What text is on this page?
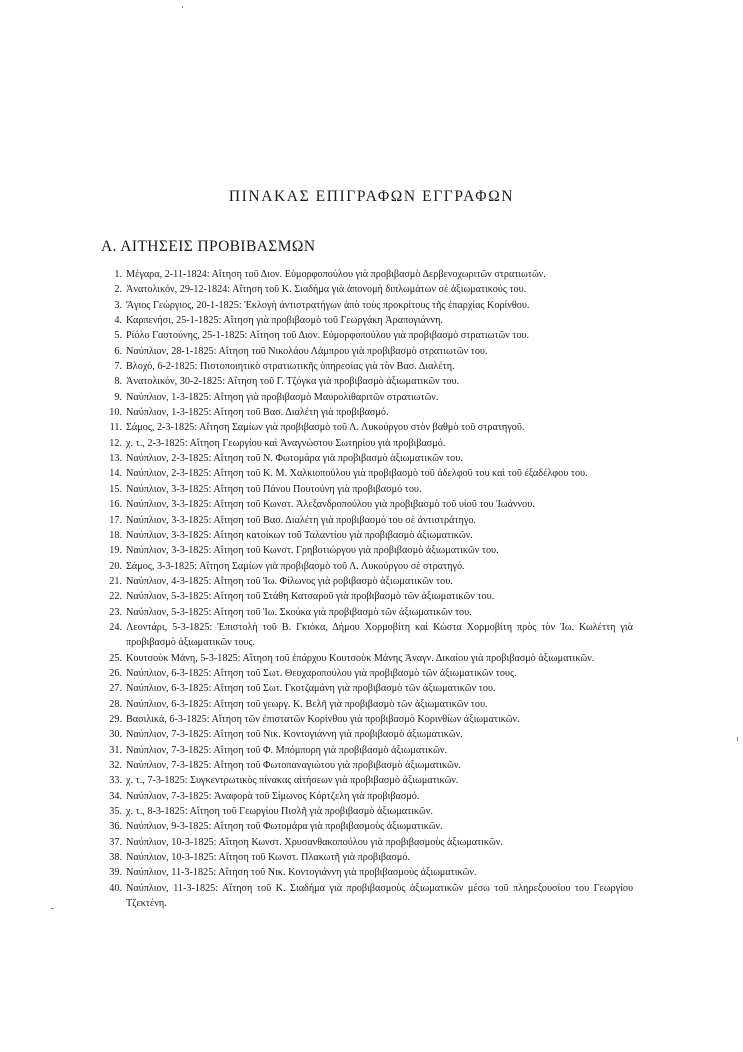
ΠΙΝΑΚΑΣ ΕΠΙΓΡΑΦΩΝ ΕΓΓΡΑΦΩΝ
Α. ΑΙΤΗΣΕΙΣ ΠΡΟΒΙΒΑΣΜΩΝ
1. Μέγαρα, 2-11-1824: Αἴτηση τοῦ Διον. Εὐμορφοπούλου γιὰ προβιβασμὸ Δερβενοχωριτῶν στρατιωτῶν.
2. Ἀνατολικόν, 29-12-1824: Αἴτηση τοῦ Κ. Σιαδήμα γιὰ ἀπονομὴ διπλωμάτων σὲ ἀξιωματικούς του.
3. Ἅγιος Γεώργιος, 20-1-1825: Ἐκλογὴ ἀντιστρατήγων ἀπὸ τοὺς προκρίτους τῆς ἐπαρχίας Κορίνθου.
4. Καρπενήσι, 25-1-1825: Αἴτηση γιὰ προβιβασμὸ τοῦ Γεωργάκη Ἀραπογιάννη.
5. Ρίόλο Γαστούνης, 25-1-1825: Αἴτηση τοῦ Διον. Εὐμορφοπούλου γιὰ προβιβασμὸ στρατιωτῶν του.
6. Ναύπλιον, 28-1-1825: Αἴτηση τοῦ Νικολάου Λάμπρου γιὰ προβιβασμὸ στρατιωτῶν του.
7. Βλοχό, 6-2-1825: Πιστοποιητικὸ στρατιωτικῆς ὑπηρεσίας γιὰ τὸν Βασ. Διαλέτη.
8. Ἀνατολικόν, 30-2-1825: Αἴτηση τοῦ Γ. Τζόγκα γιὰ προβιβασμὸ ἀξιωματικῶν του.
9. Ναύπλιον, 1-3-1825: Αἴτηση γιὰ προβιβασμὸ Μαυρολιθαριτῶν στρατιωτῶν.
10. Ναύπλιον, 1-3-1825: Αἴτηση τοῦ Βασ. Διαλέτη γιὰ προβιβασμό.
11. Σάμος, 2-3-1825: Αἴτηση Σαμίων γιὰ προβιβασμὸ τοῦ Λ. Λυκούργου στὸν βαθμὸ τοῦ στρατηγοῦ.
12. χ. τ., 2-3-1825: Αἴτηση Γεωργίου καὶ Ἀναγνώστου Σωτηρίου γιὰ προβιβασμό.
13. Ναύπλιον, 2-3-1825: Αἴτηση τοῦ Ν. Φωτομάρα γιὰ προβιβασμὸ ἀξιωματικῶν του.
14. Ναύπλιον, 2-3-1825: Αἴτηση τοῦ Κ. Μ. Χαλκιοπούλου γιὰ προβιβασμὸ τοῦ ἀδελφοῦ του καὶ τοῦ ἐξαδέλφου του.
15. Ναύπλιον, 3-3-1825: Αἴτηση τοῦ Πάνου Πουτούνη γιὰ προβιβασμό του.
16. Ναύπλιον, 3-3-1825: Αἴτηση τοῦ Κωνστ. Ἀλεξανδροπούλου γιὰ προβιβασμὸ τοῦ υἱοῦ του Ἰωάννου.
17. Ναύπλιον, 3-3-1825: Αἴτηση τοῦ Βασ. Διαλέτη γιὰ προβιβασμό του σὲ ἀντιστράτηγο.
18. Ναύπλιον, 3-3-1825: Αἴτηση κατοίκων τοῦ Ταλαντίου γιὰ προβιβασμὸ ἀξιωματικῶν.
19. Ναύπλιον, 3-3-1825: Αἴτηση τοῦ Κωνστ. Γρηβοτιώργου γιὰ προβιβασμὸ ἀξιωματικῶν του.
20. Σάμος, 3-3-1825: Αἴτηση Σαμίων γιὰ προβιβασμὸ τοῦ Λ. Λυκούργου σὲ στρατηγό.
21. Ναύπλιον, 4-3-1825: Αἴτηση τοῦ Ἰω. Φίλωνος γιὰ ροβιβασμὸ ἀξιωματικῶν του.
22. Ναύπλιον, 5-3-1825: Αἴτηση τοῦ Στάθη Κατσαροῦ γιὰ προβιβασμὸ τῶν ἀξιωματικῶν του.
23. Ναύπλιον, 5-3-1825: Αἴτηση τοῦ Ἰω. Σκούκα γιὰ προβιβασμὸ τῶν ἀξιωματικῶν του.
24. Λεοντάρι, 5-3-1825: Ἐπιστολὴ τοῦ Β. Γκιόκα, Δήμου Χορμοβίτη καὶ Κώστα Χορμοβίτη πρὸς τὸν Ἰω. Κωλέττη γιὰ προβιβασμὸ ἀξιωματικῶν τους.
25. Κουτσοὺκ Μάνη, 5-3-1825: Αἴτηση τοῦ ἐπάρχου Κουτσοὺκ Μάνης Ἀναγν. Δικαίου γιὰ προβιβασμὸ ἀξιωματικῶν.
26. Ναύπλιον, 6-3-1825: Αἴτηση τοῦ Σωτ. Θεοχαροπούλου γιὰ προβιβασμὸ τῶν ἀξιωματικῶν τους.
27. Ναύπλιον, 6-3-1825: Αἴτηση τοῦ Σωτ. Γκοτζαμάνη γιὰ προβιβασμὸ τῶν ἀξιωματικῶν του.
28. Ναύπλιον, 6-3-1825: Αἴτηση τοῦ γεωργ. Κ. Βελῆ γιὰ προβιβασμὸ τῶν ἀξιωματικῶν του.
29. Βασιλικά, 6-3-1825: Αἴτηση τῶν ἐπιστατῶν Κορίνθου γιὰ προβιβασμὸ Κορινθίων ἀξιωματικῶν.
30. Ναύπλιον, 7-3-1825: Αἴτηση τοῦ Νικ. Κοντογιάννη γιὰ προβιβασμὸ ἀξιωματικῶν.
31. Ναύπλιον, 7-3-1825: Αἴτηση τοῦ Φ. Μπόμπορη γιὰ προβιβασμὸ ἀξιωματικῶν.
32. Ναύπλιον, 7-3-1825: Αἴτηση τοῦ Φωτοπαναγιώτου γιὰ προβιβασμὸ ἀξιωματικῶν.
33. χ. τ., 7-3-1825: Συγκεντρωτικὸς πίνακας αἰτήσεων γιὰ προβιβασμὸ ἀξιωματικῶν.
34. Ναύπλιον, 7-3-1825: Ἀναφορὰ τοῦ Σίμωνος Κόρτζελη γιὰ προβιβασμό.
35. χ. τ., 8-3-1825: Αἴτηση τοῦ Γεωργίου Πισλῆ γιὰ προβιβασμὸ ἀξιωματικῶν.
36. Ναύπλιον, 9-3-1825: Αἴτηση τοῦ Φωτομάρα γιὰ προβιβασμοὺς ἀξιωματικῶν.
37. Ναύπλιον, 10-3-1825: Αἴτηση Κωνστ. Χρυσανθακοπούλου γιὰ προβιβασμοὺς ἀξιωματικῶν.
38. Ναύπλιον, 10-3-1825: Αἴτηση τοῦ Κωνστ. Πλακωτῆ γιὰ προβιβασμό.
39. Ναύπλιον, 11-3-1825: Αἴτηση τοῦ Νικ. Κοντογιάννη γιὰ προβιβασμοὺς ἀξιωματικῶν.
40. Ναύπλιον, 11-3-1825: Αἴτηση τοῦ Κ. Σιαδήμα γιὰ προβιβασμοὺς ἀξιωματικῶν μέσω τοῦ πληρεξουσίου του Γεωργίου Τζεκτένη.
